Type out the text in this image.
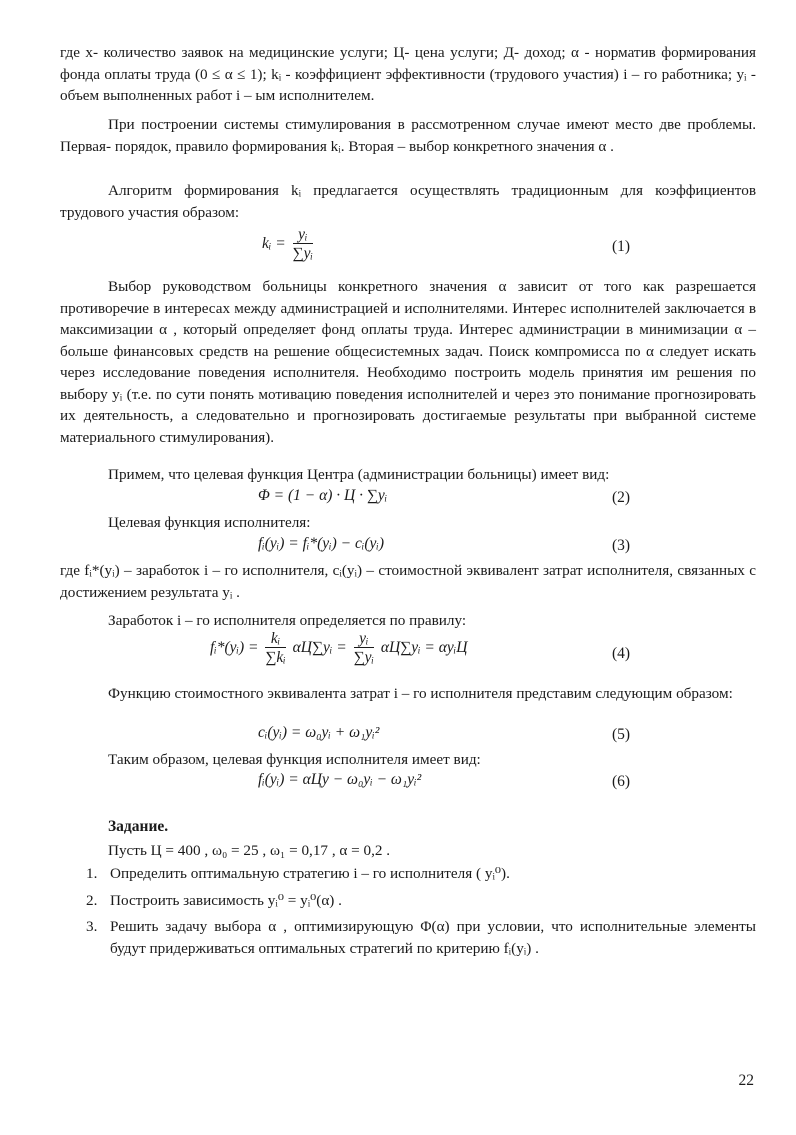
где x- количество заявок на медицинские услуги; Ц- цена услуги; Д- доход; α - норматив формирования фонда оплаты труда (0 ≤ α ≤ 1); kᵢ - коэффициент эффективности (трудового участия) i – го работника; yᵢ - объем выполненных работ i – ым исполнителем.

При построении системы стимулирования в рассмотренном случае имеют место две проблемы. Первая- порядок, правило формирования kᵢ. Вторая – выбор конкретного значения α .

Алгоритм формирования kᵢ предлагается осуществлять традиционным для коэффициентов трудового участия образом:

kᵢ = $\frac{\text{yᵢ}}{\text{∑yᵢ}}$	(1)

Выбор руководством больницы конкретного значения α зависит от того как разрешается противоречие в интересах между администрацией и исполнителями. Интерес исполнителей заключается в максимизации α , который определяет фонд оплаты труда. Интерес администрации в минимизации α – больше финансовых средств на решение общесистемных задач. Поиск компромисса по α следует искать через исследование поведения исполнителя. Необходимо построить модель принятия им решения по выбору yᵢ (т.е. по сути понять мотивацию поведения исполнителей и через это понимание прогнозировать их деятельность, а следовательно и прогнозировать достигаемые результаты при выбранной системе материального стимулирования).

Примем, что целевая функция Центра (администрации больницы) имеет вид:

Φ = (1 − α) · Ц · ∑yᵢ	(2)

Целевая функция исполнителя:

fᵢ(yᵢ) = fᵢ*(yᵢ) − cᵢ(yᵢ)	(3)

где fᵢ*(yᵢ) – заработок i – го исполнителя, cᵢ(yᵢ) – стоимостной эквивалент затрат исполнителя, связанных с достижением результата yᵢ .

Заработок i – го исполнителя определяется по правилу:

fᵢ*(yᵢ) = $\frac{\text{kᵢ}}{\text{∑kᵢ}}$ αЦ∑yᵢ = $\frac{\text{yᵢ}}{\text{∑yᵢ}}$ αЦ∑yᵢ = αyᵢЦ	(4)

Функцию стоимостного эквивалента затрат i – го исполнителя представим следующим образом:

cᵢ(yᵢ) = ω₀yᵢ + ω₁yᵢ²	(5)

Таким образом, целевая функция исполнителя имеет вид:

fᵢ(yᵢ) = αЦy − ω₀yᵢ − ω₁yᵢ²	(6)
Задание.
Пусть Ц = 400 , ω₀ = 25 , ω₁ = 0,17 , α = 0,2 .
1. Определить оптимальную стратегию i – го исполнителя ( yᵢ⁰).
2. Построить зависимость yᵢ⁰ = yᵢ⁰(α) .
3. Решить задачу выбора α , оптимизирующую Φ(α) при условии, что исполнительные элементы будут придерживаться оптимальных стратегий по критерию fᵢ(yᵢ) .
22
